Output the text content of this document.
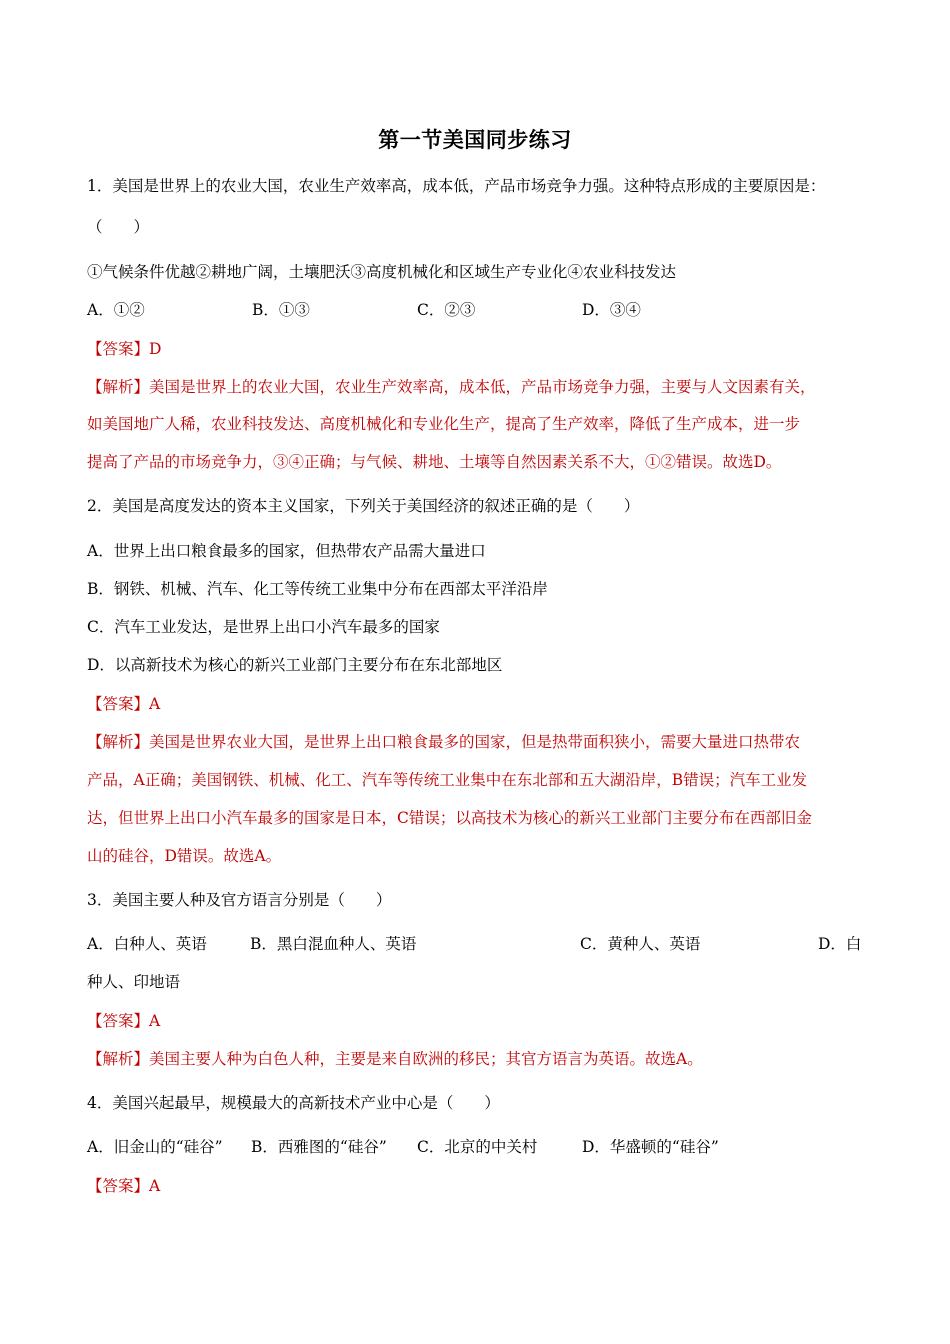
第一节美国同步练习
1．美国是世界上的农业大国，农业生产效率高，成本低，产品市场竞争力强。这种特点形成的主要原因是：
（　　）
①气候条件优越②耕地广阔，土壤肥沃③高度机械化和区域生产专业化④农业科技发达
A．①②	B．①③	C．②③	D．③④
【答案】D
【解析】美国是世界上的农业大国，农业生产效率高，成本低，产品市场竞争力强，主要与人文因素有关，
如美国地广人稀，农业科技发达、高度机械化和专业化生产，提高了生产效率，降低了生产成本，进一步
提高了产品的市场竞争力，③④正确；与气候、耕地、土壤等自然因素关系不大，①②错误。故选D。
2．美国是高度发达的资本主义国家，下列关于美国经济的叙述正确的是（　　）
A．世界上出口粮食最多的国家，但热带农产品需大量进口
B．钢铁、机械、汽车、化工等传统工业集中分布在西部太平洋沿岸
C．汽车工业发达，是世界上出口小汽车最多的国家
D．以高新技术为核心的新兴工业部门主要分布在东北部地区
【答案】A
【解析】美国是世界农业大国，是世界上出口粮食最多的国家，但是热带面积狭小，需要大量进口热带农
产品，A正确；美国钢铁、机械、化工、汽车等传统工业集中在东北部和五大湖沿岸，B错误；汽车工业发
达，但世界上出口小汽车最多的国家是日本，C错误；以高技术为核心的新兴工业部门主要分布在西部旧金
山的硅谷，D错误。故选A。
3．美国主要人种及官方语言分别是（　　）
A．白种人、英语	B．黑白混血种人、英语	C．黄种人、英语	D．白
种人、印地语
【答案】A
【解析】美国主要人种为白色人种，主要是来自欧洲的移民；其官方语言为英语。故选A。
4．美国兴起最早，规模最大的高新技术产业中心是（　　）
A．旧金山的“硅谷” B．西雅图的“硅谷” C．北京的中关村	D．华盛顿的“硅谷”
【答案】A
